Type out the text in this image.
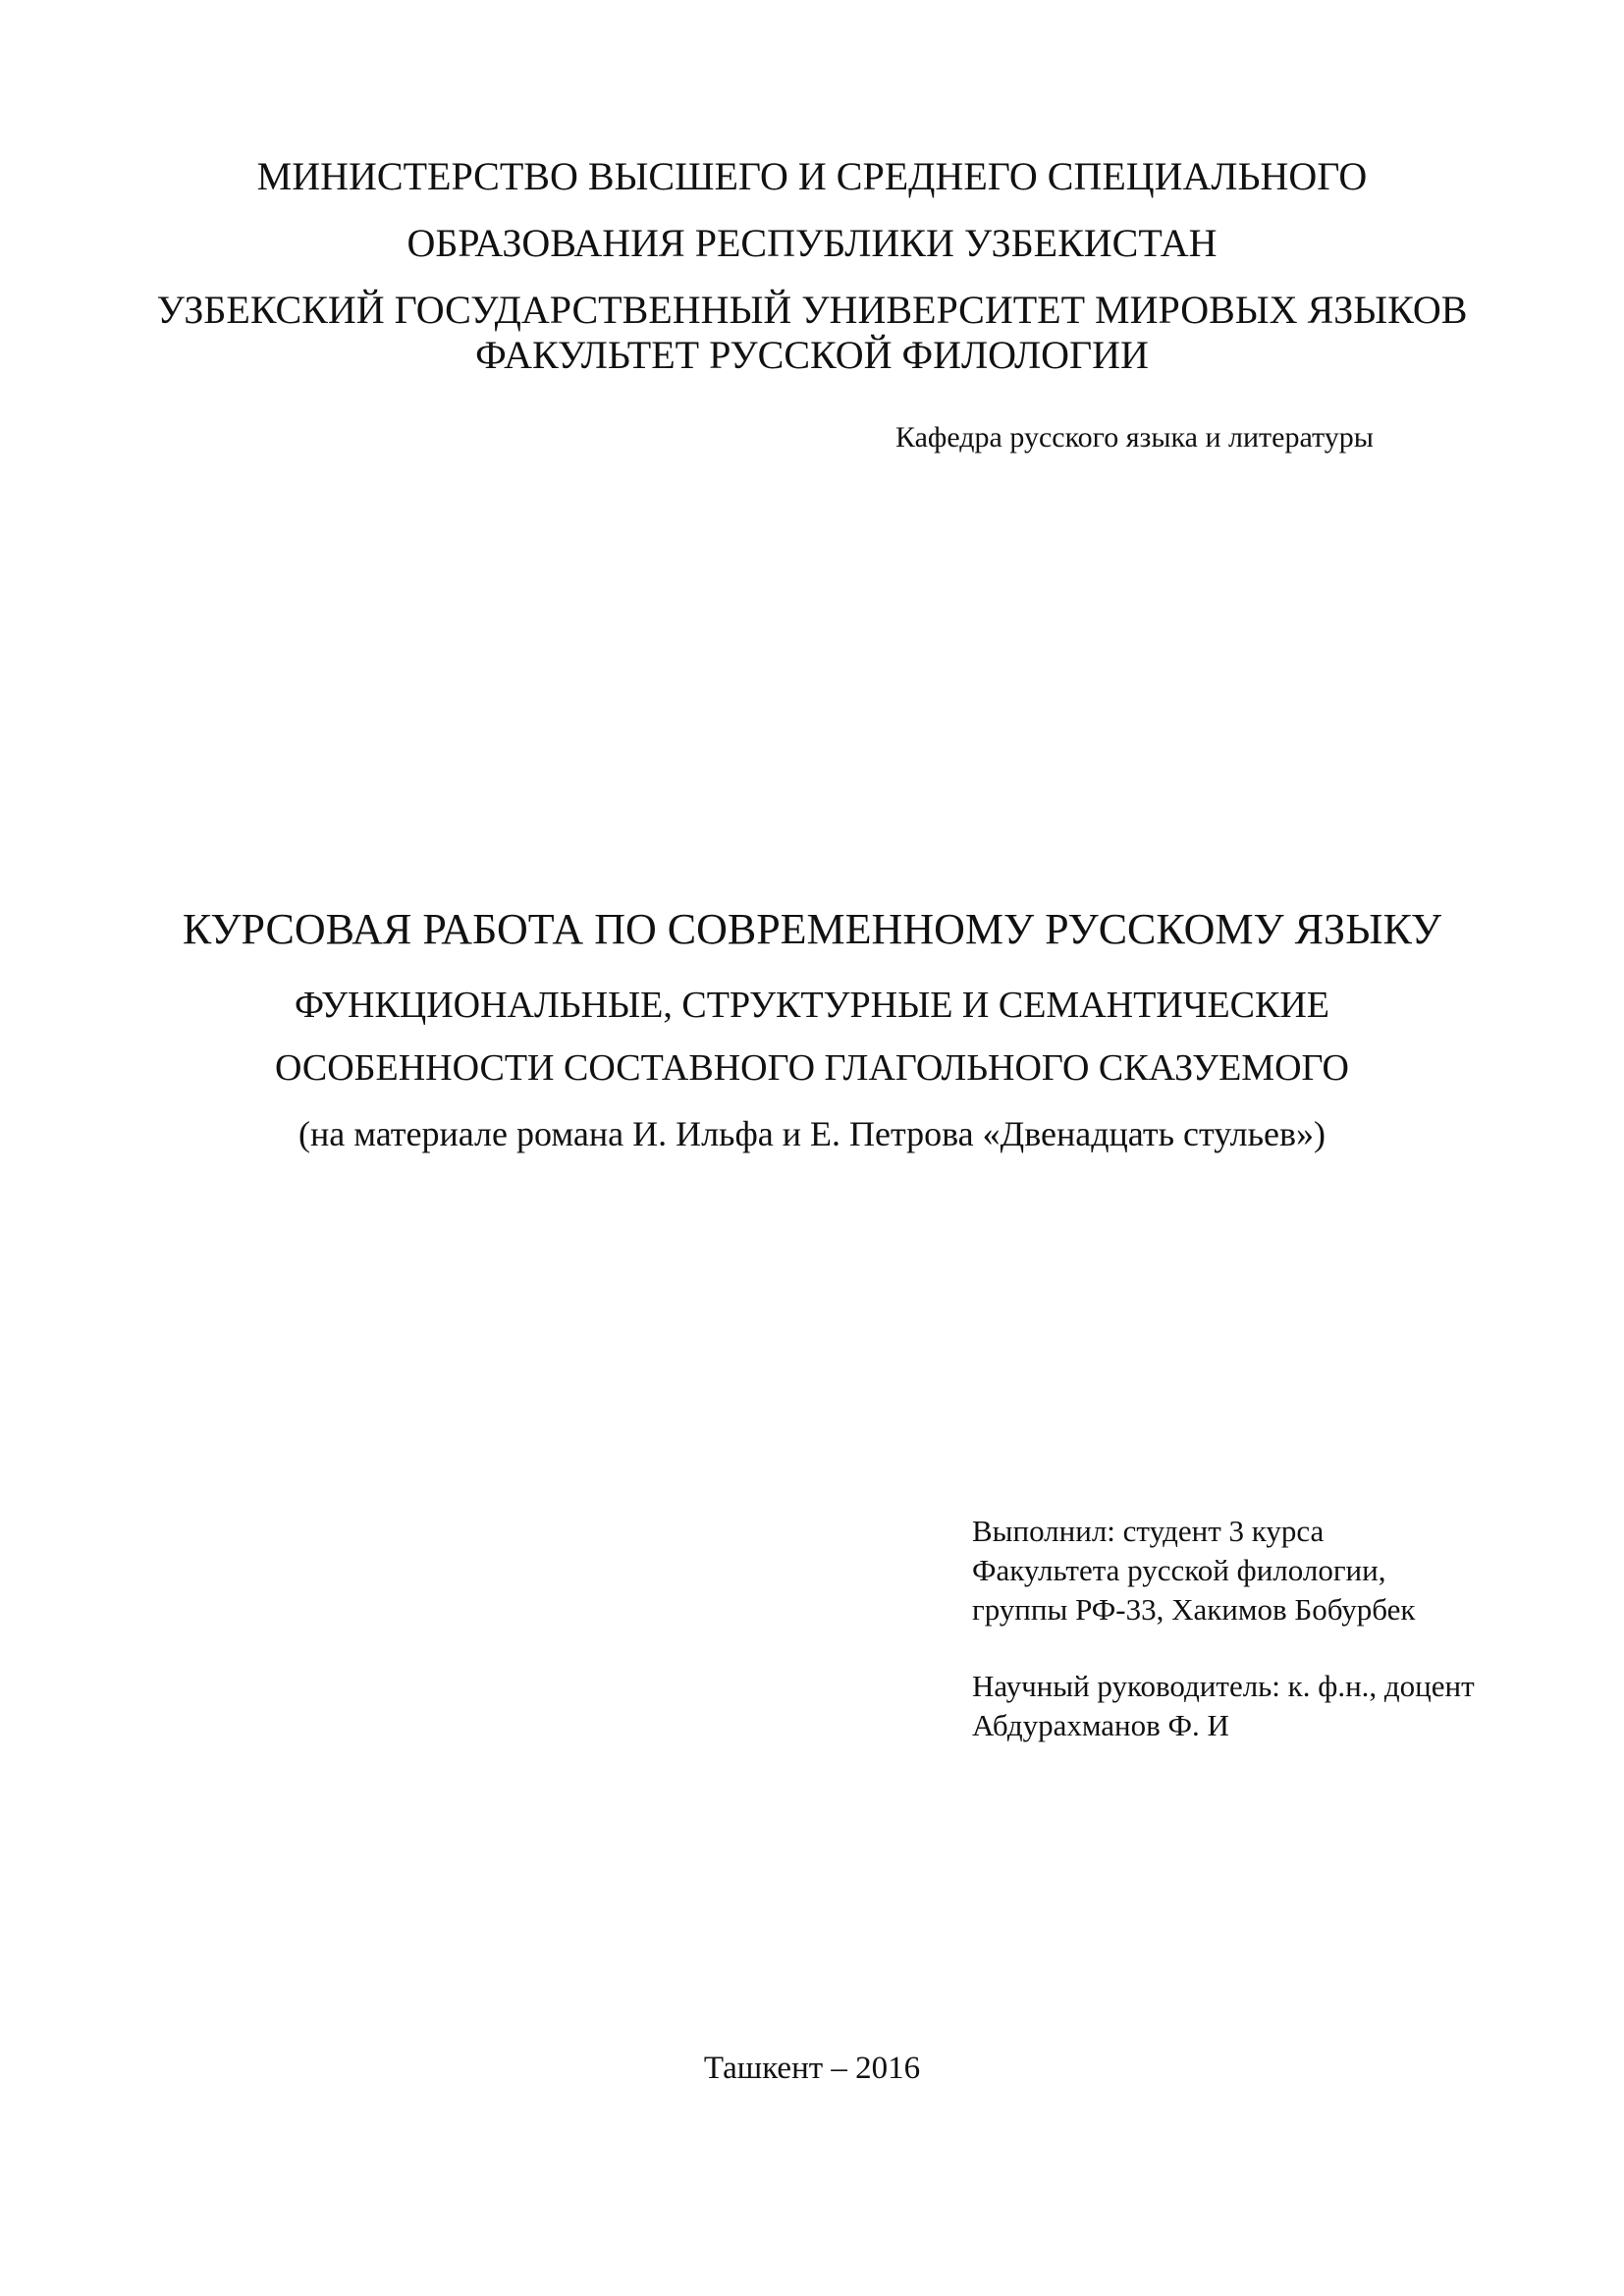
МИНИСТЕРСТВО ВЫСШЕГО И СРЕДНЕГО СПЕЦИАЛЬНОГО
ОБРАЗОВАНИЯ РЕСПУБЛИКИ УЗБЕКИСТАН
УЗБЕКСКИЙ ГОСУДАРСТВЕННЫЙ УНИВЕРСИТЕТ МИРОВЫХ ЯЗЫКОВ
ФАКУЛЬТЕТ РУССКОЙ ФИЛОЛОГИИ
Кафедра русского языка и литературы
КУРСОВАЯ РАБОТА ПО СОВРЕМЕННОМУ РУССКОМУ ЯЗЫКУ
ФУНКЦИОНАЛЬНЫЕ, СТРУКТУРНЫЕ И СЕМАНТИЧЕСКИЕ
ОСОБЕННОСТИ СОСТАВНОГО ГЛАГОЛЬНОГО СКАЗУЕМОГО
(на материале романа И. Ильфа и Е. Петрова «Двенадцать стульев»)
Выполнил: студент 3 курса
Факультета русской филологии,
группы РФ-33, Хакимов Бобурбек
Научный руководитель: к. ф.н., доцент
Абдурахманов Ф. И
Ташкент – 2016
